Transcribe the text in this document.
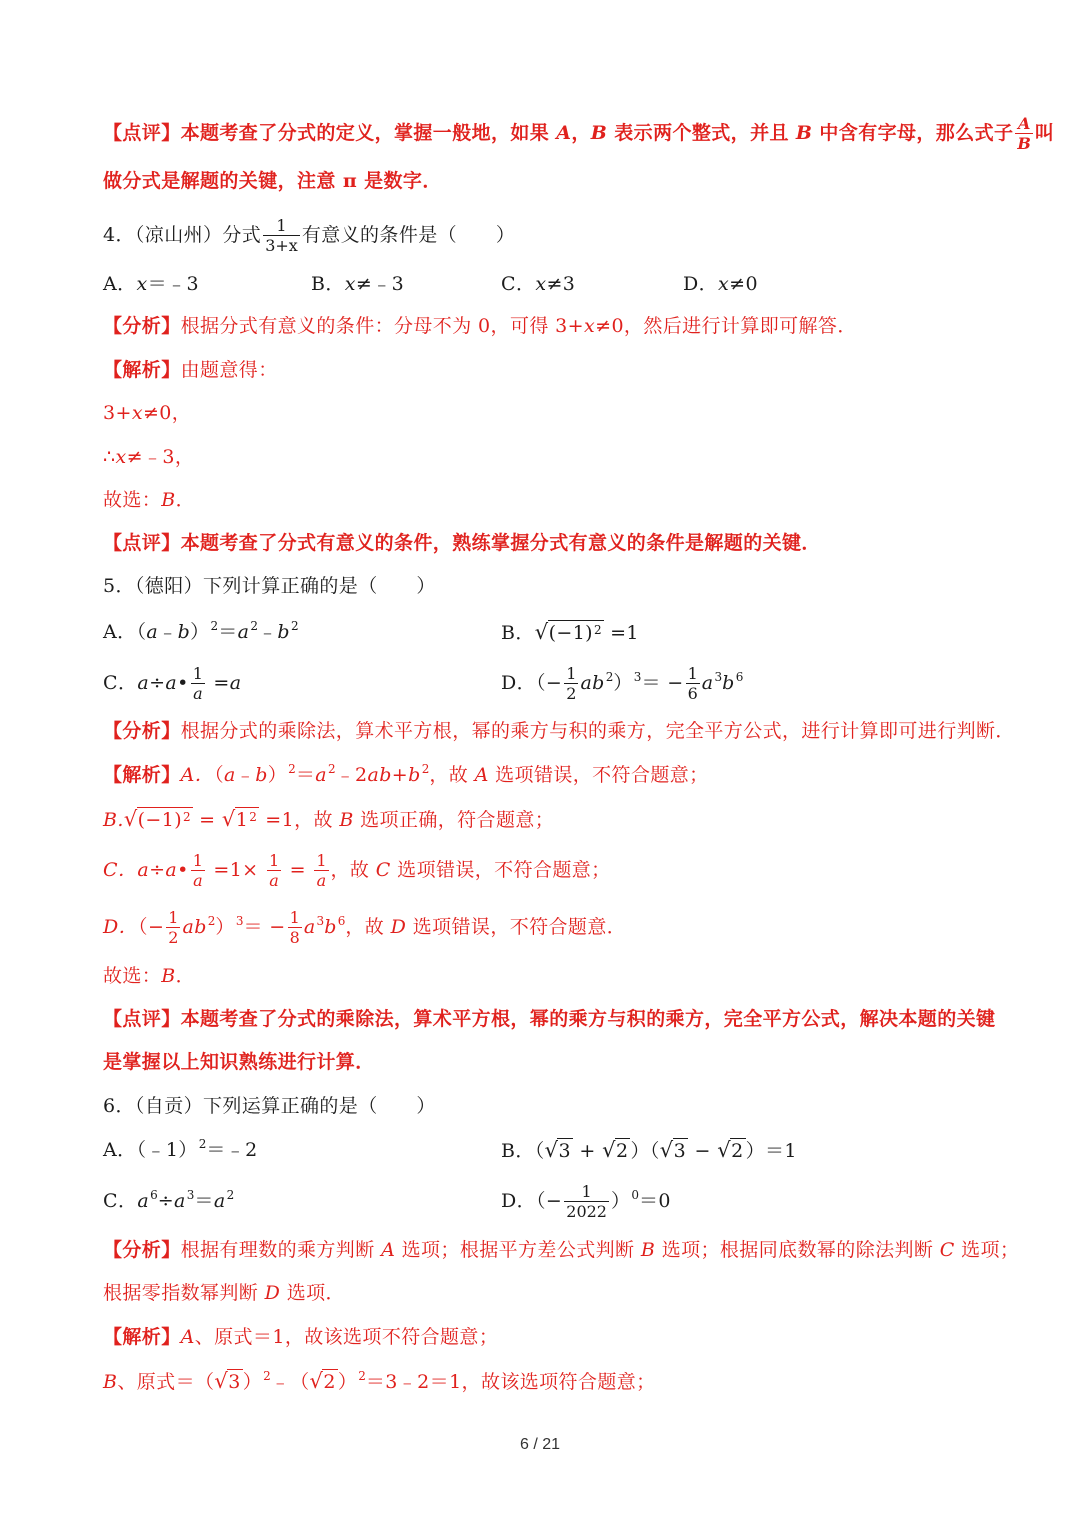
【点评】本题考查了分式的定义，掌握一般地，如果 A，B 表示两个整式，并且 B 中含有字母，那么式子 $\frac{A}{B}$ 叫
做分式是解题的关键，注意 π 是数字．
4．（凉山州）分式 $\frac{1}{3+x}$ 有意义的条件是（　　）
A．x＝﹣3	B．x≠﹣3	C．x≠3	D．x≠0
【分析】根据分式有意义的条件：分母不为 0，可得 3+x≠0，然后进行计算即可解答．
【解析】由题意得：
3+x≠0，
∴x≠﹣3，
故选：B．
【点评】本题考查了分式有意义的条件，熟练掌握分式有意义的条件是解题的关键．
5．（德阳）下列计算正确的是（　　）
A．$(a﹣b)^2=a^2﹣b^2$	B．$√(-1)^2 =1$
C．a÷a• $\frac{1}{a} =a$	D．（− $\frac{1}{2} ab^2)^3= - \frac{1}{6} a^3b^6$
【分析】根据分式的乘除法，算术平方根，幂的乘方与积的乘方，完全平方公式，进行计算即可进行判断．
【解析】A．$(a﹣b)^2=a^2﹣2ab+b^2$，故 A 选项错误，不符合题意；
$B.√(-1)^2 = √1^2 =1$，故 B 选项正确，符合题意；
C．a÷a• $\frac{1}{a} =1\times \frac{1}{a} = \frac{1}{a}$ ，故 C 选项错误，不符合题意；
D．（− $\frac{1}{2} ab^2)^3= - \frac{1}{8} a^3b^6$，故 D 选项错误，不符合题意．
故选：B．
【点评】本题考查了分式的乘除法，算术平方根，幂的乘方与积的乘方，完全平方公式，解决本题的关键
是掌握以上知识熟练进行计算．
6．（自贡）下列运算正确的是（　　）
A．（﹣1）$^2$＝﹣2	B．（√3 + √2 ）（√3 − √2 ）＝1
C．$a^6\div a^3=a^2$	D．（− $\frac{1}{2022} )^0=0$
【分析】根据有理数的乘方判断 A 选项；根据平方差公式判断 B 选项；根据同底数幂的除法判断 C 选项；
根据零指数幂判断 D 选项．
【解析】A、原式＝1，故该选项不符合题意；
B、原式＝（√3 ）$^2$﹣（√2 ）$^2$＝3﹣2＝1，故该选项符合题意；
6 / 21
